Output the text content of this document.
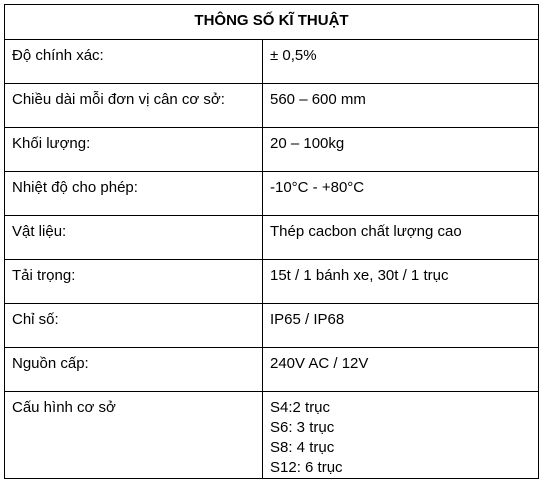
THÔNG SỐ KĨ THUẬT	
Độ chính xác:	± 0,5%
Chiều dài mỗi đơn vị cân cơ sở:	560 – 600 mm
Khối lượng:	20 – 100kg
Nhiệt độ cho phép:	-10°C - +80°C
Vật liệu:	Thép cacbon chất lượng cao
Tải trọng:	15t / 1 bánh xe, 30t / 1 trục
Chỉ số:	IP65 / IP68
Nguồn cấp:	240V AC / 12V
Cấu hình cơ sở	S4:2 trục
S6: 3 trục
S8: 4 trục
S12: 6 trục
